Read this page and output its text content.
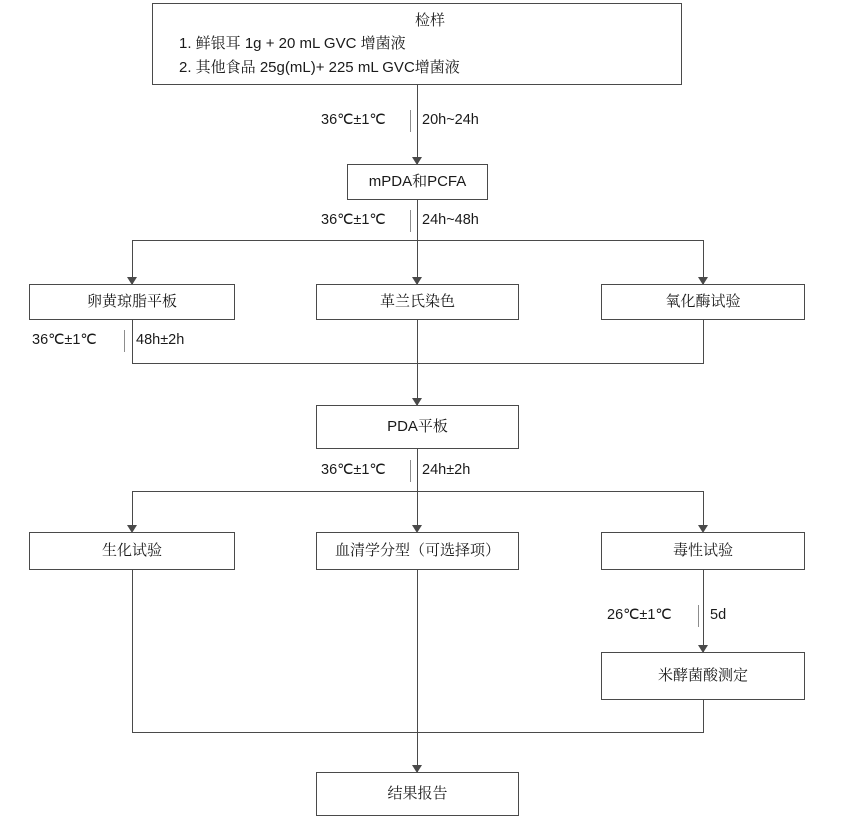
检样
1. 鲜银耳 1g + 20 mL GVC 增菌液
2. 其他食品 25g(mL)+ 225 mL GVC增菌液
mPDA和PCFA
卵黄琼脂平板	革兰氏染色	氧化酶试验
PDA平板
生化试验	血清学分型（可选择项）	毒性试验
米酵菌酸测定
结果报告
36℃±1℃	20h~24h
36℃±1℃	24h~48h
36℃±1℃	48h±2h
36℃±1℃	24h±2h
26℃±1℃	5d
